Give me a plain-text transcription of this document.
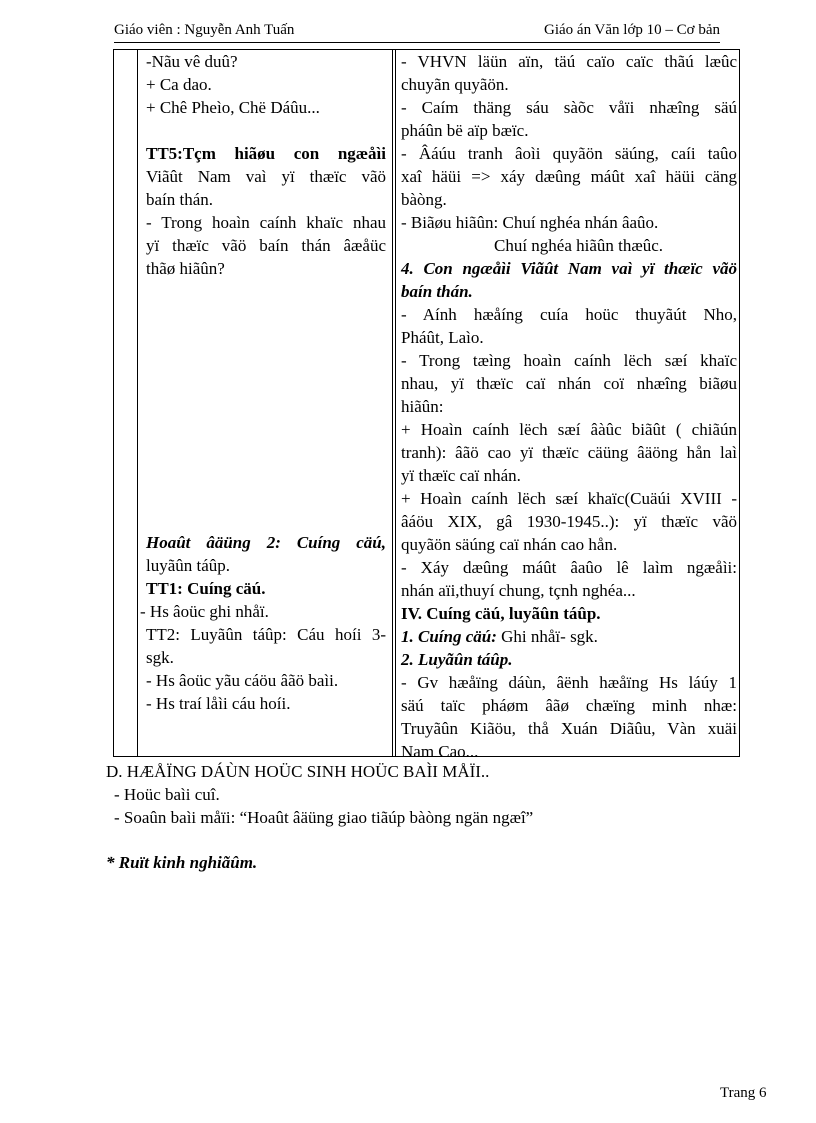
Giáo viên : Nguyễn Anh Tuấn	Giáo án Văn lớp 10 – Cơ bản
-Nãu vê duû?
+ Ca dao.
+ Chê Pheìo, Chë Dáûu...
TT5:Tçm hiãøu con ngæåìi
Viãût Nam vaì yï thæïc vãö
baín thán.
- Trong hoaìn caính khaïc nhau
yï thæïc vãö baín thán âæåüc
thãø hiãûn?
Hoaût âäüng 2: Cuíng cäú,
luyãûn táûp.
TT1: Cuíng cäú.
- Hs âoüc ghi nhåï.
TT2: Luyãûn táûp: Cáu hoíi 3-
sgk.
- Hs âoüc yãu cáöu âãö baìi.
- Hs traí låìi cáu hoíi.
- VHVN läün aïn, täú caïo caïc thãú læûc
chuyãn quyãön.
- Caím thäng sáu sàõc våïi nhæîng säú
pháûn bë aïp bæïc.
- Âáúu tranh âoìi quyãön säúng, caíi taûo
xaî häüi => xáy dæûng máût xaî häüi cäng
bàòng.
- Biãøu hiãûn: Chuí nghéa nhán âaûo.
Chuí nghéa hiãûn thæûc.
4. Con ngæåìi Viãût Nam vaì yï thæïc vãö
baín thán.
- Aính hæåíng cuía hoüc thuyãút Nho,
Pháût, Laìo.
- Trong tæìng hoaìn caính lëch sæí khaïc
nhau, yï thæïc caï nhán coï nhæîng biãøu
hiãûn:
+ Hoaìn caính lëch sæí âàûc biãût ( chiãún
tranh): âãö cao yï thæïc cäüng âäöng hån laì
yï thæïc caï nhán.
+ Hoaìn caính lëch sæí khaïc(Cuäúi XVIII -
âáöu XIX, gâ 1930-1945..): yï thæïc vãö
quyãön säúng caï nhán cao hån.
- Xáy dæûng máût âaûo lê laìm ngæåìi:
nhán aïi,thuyí chung, tçnh nghéa...
IV. Cuíng cäú, luyãûn táûp.
1. Cuíng cäú: Ghi nhåï- sgk.
2. Luyãûn táûp.
- Gv hæåïng dáùn, âënh hæåïng Hs láúy 1
säú taïc pháøm âãø chæïng minh nhæ:
Truyãûn Kiãöu, thå Xuán Diãûu, Vàn xuäi
Nam Cao...
D. HÆÅÏNG DÁÙN HOÜC SINH HOÜC BAÌI MÅÏI..
- Hoüc baìi cuî.
- Soaûn baìi måïi: “Hoaût âäüng giao tiãúp bàòng ngän ngæî”
* Ruït kinh nghiãûm.
Trang 6
